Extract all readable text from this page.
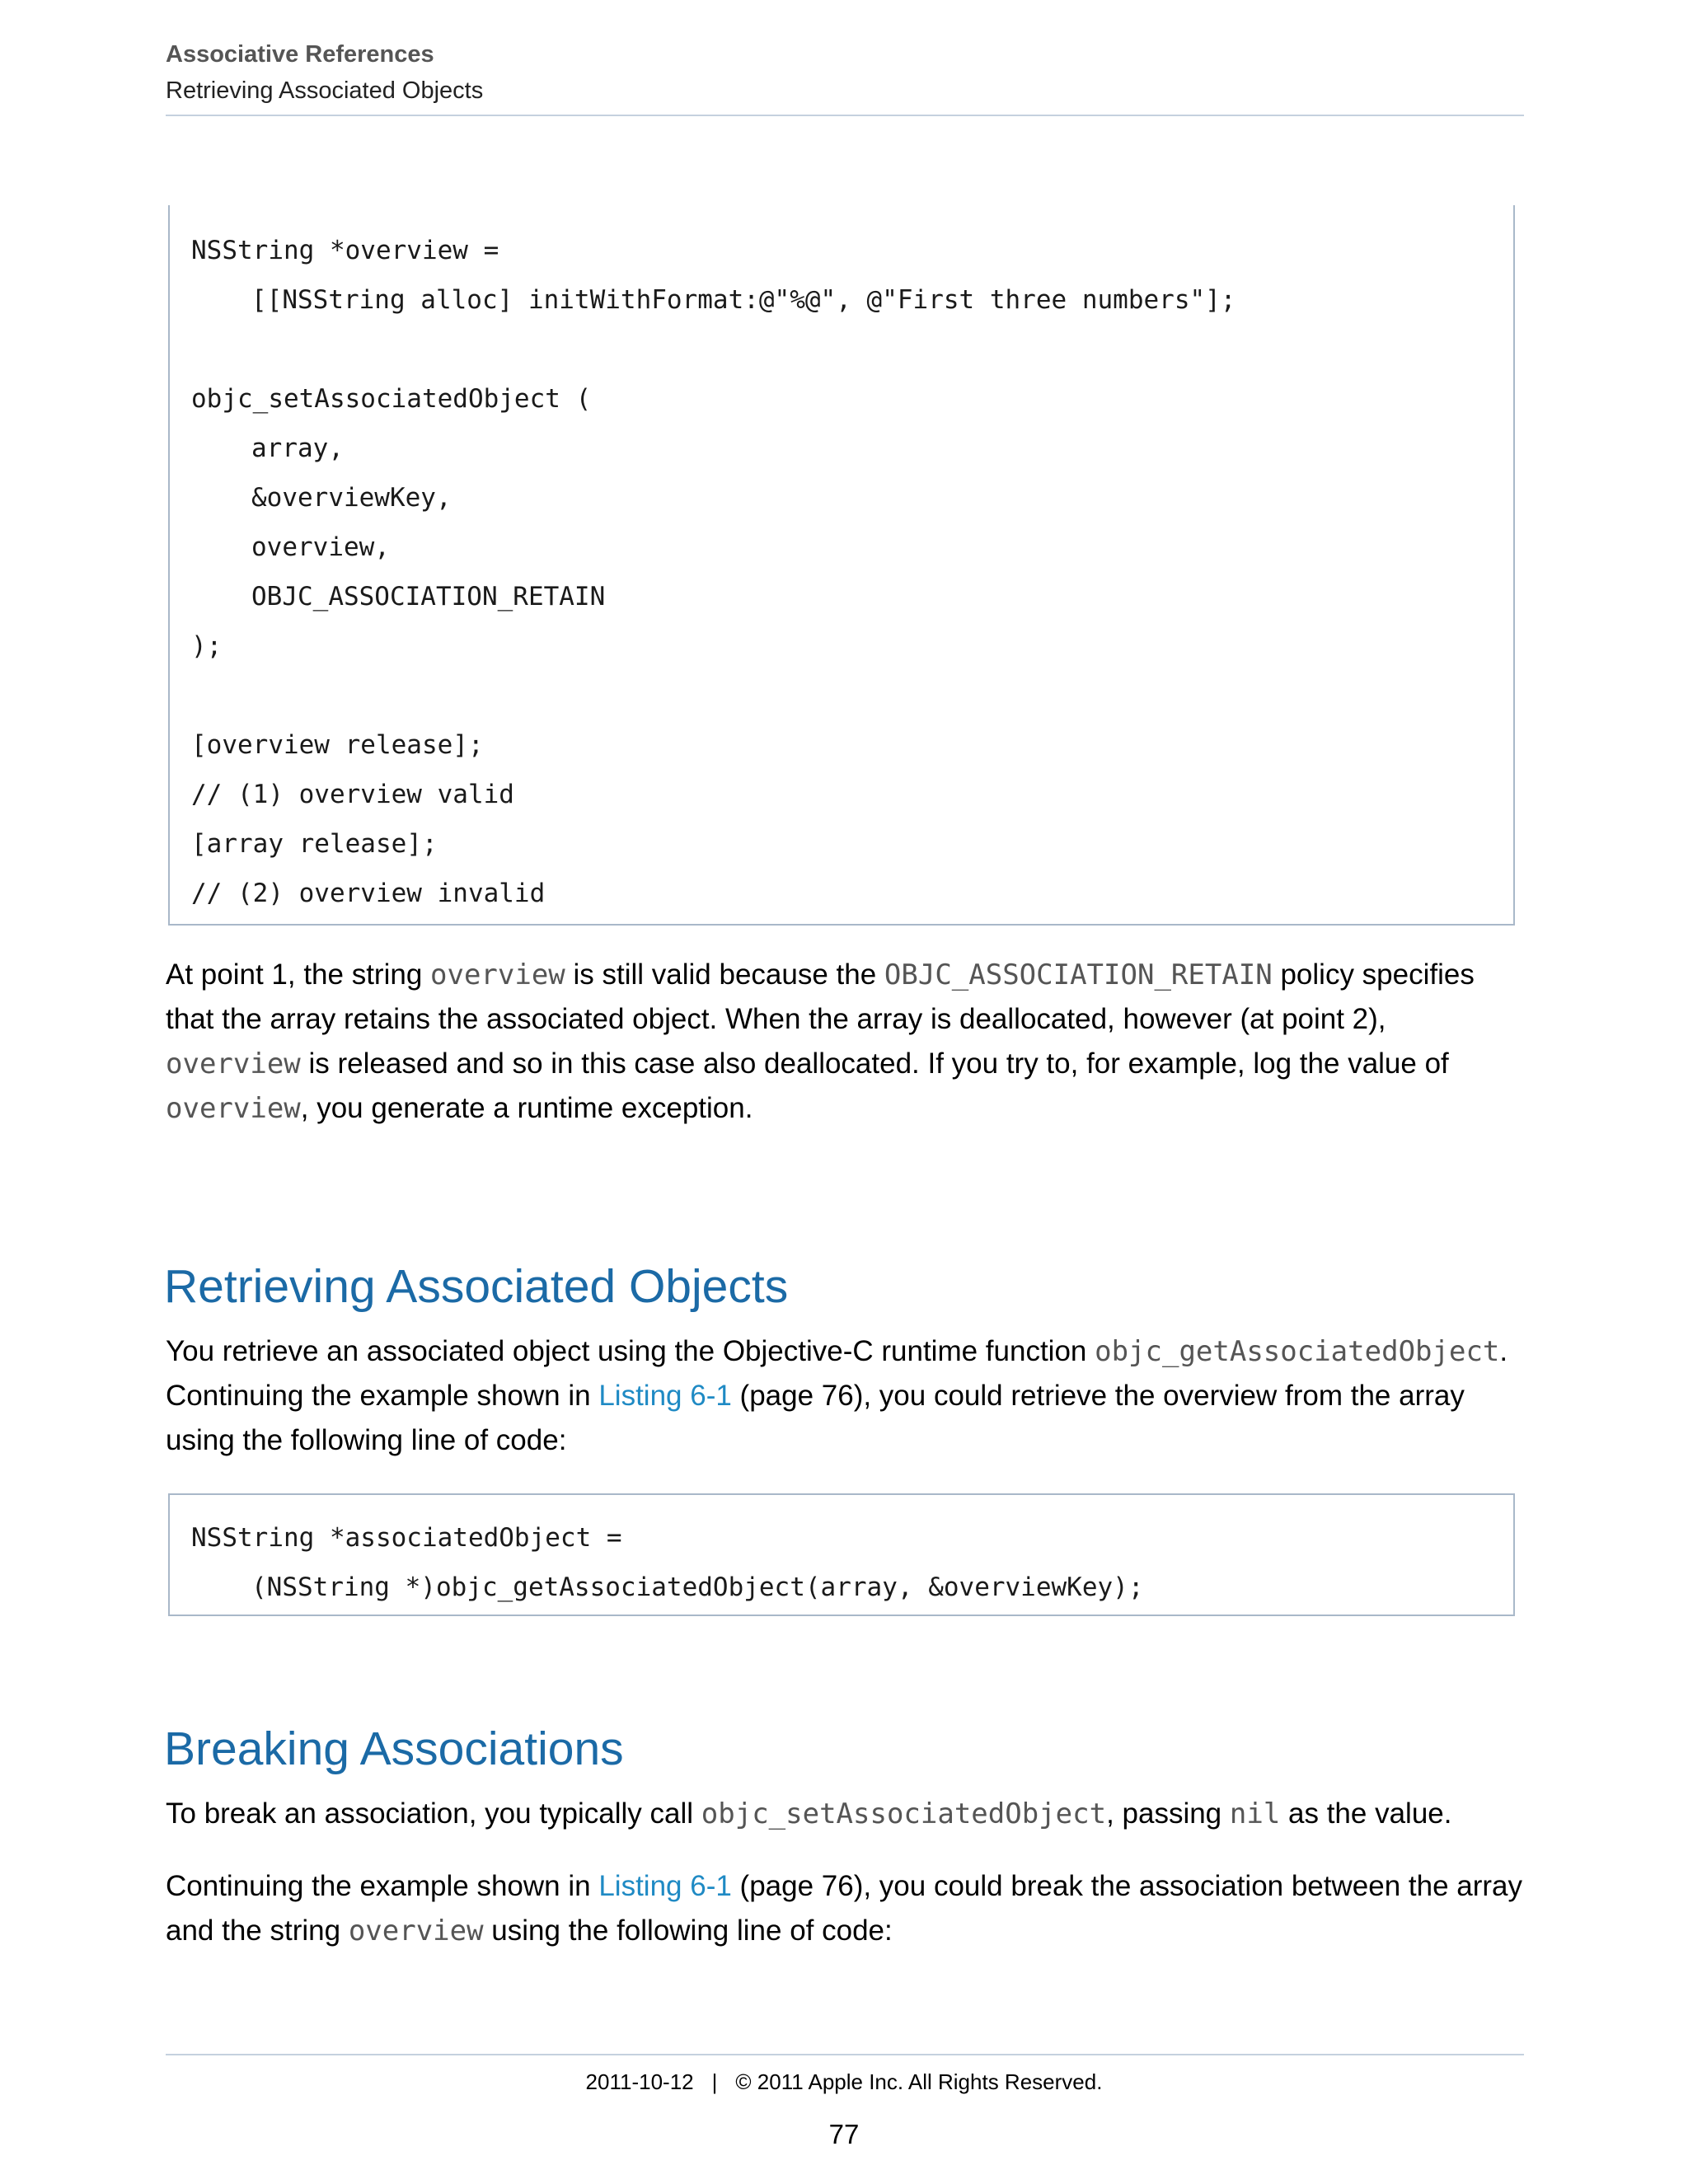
Associative References
Retrieving Associated Objects
NSString *overview =
[[NSString alloc] initWithFormat:@"%@", @"First three numbers"];
objc_setAssociatedObject (
array,
&overviewKey,
overview,
OBJC_ASSOCIATION_RETAIN
);
[overview release];
// (1) overview valid
[array release];
// (2) overview invalid

At point 1, the string overview is still valid because the OBJC_ASSOCIATION_RETAIN policy specifies that the array retains the associated object. When the array is deallocated, however (at point 2), overview is released and so in this case also deallocated. If you try to, for example, log the value of overview, you generate a runtime exception.

Retrieving Associated Objects

You retrieve an associated object using the Objective-C runtime function objc_getAssociatedObject. Continuing the example shown in Listing 6-1 (page 76), you could retrieve the overview from the array using the following line of code:

NSString *associatedObject =
(NSString *)objc_getAssociatedObject(array, &overviewKey);
Breaking Associations

To break an association, you typically call objc_setAssociatedObject, passing nil as the value.

Continuing the example shown in Listing 6-1 (page 76), you could break the association between the array and the string overview using the following line of code:

2011-10-12 | © 2011 Apple Inc. All Rights Reserved.
77
